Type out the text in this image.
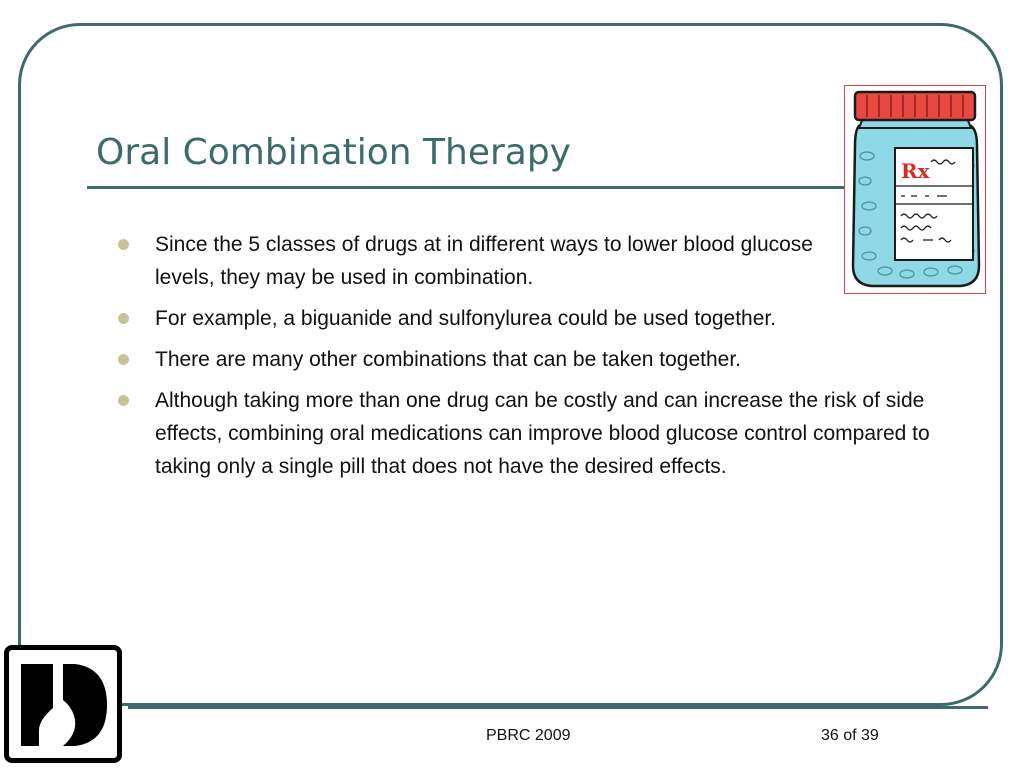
Oral Combination Therapy
Since the 5 classes of drugs at in different ways to lower blood glucose levels, they may be used in combination.
For example, a biguanide and sulfonylurea could be used together.
There are many other combinations that can be taken together.
Although taking more than one drug can be costly and can increase the risk of side effects, combining oral medications can improve blood glucose control compared to taking only a single pill that does not have the desired effects.
Rx
PBRC 2009	36 of 39
